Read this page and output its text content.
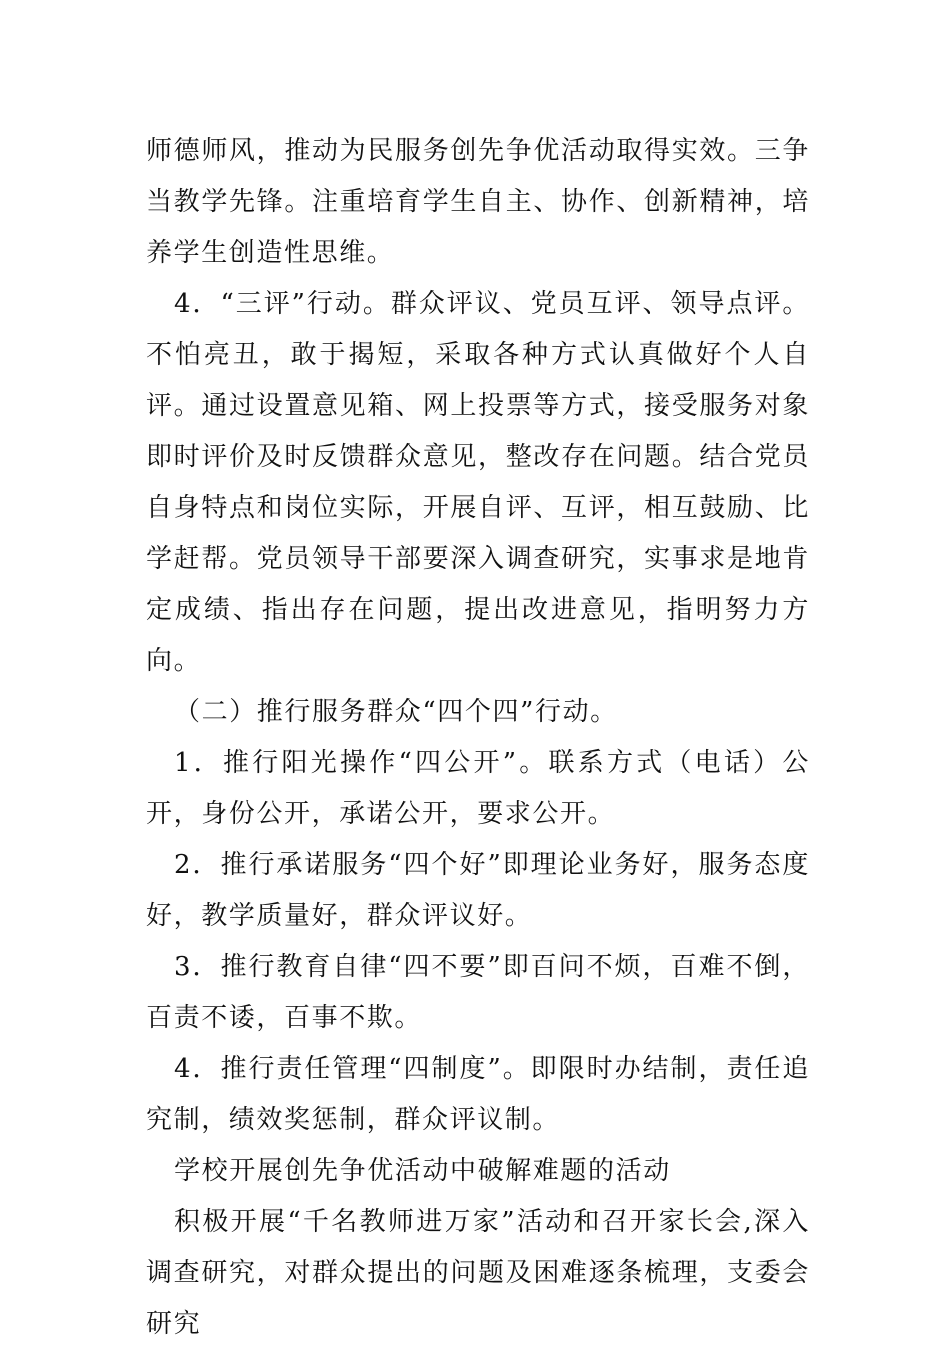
师德师风，推动为民服务创先争优活动取得实效。三争当教学先锋。注重培育学生自主、协作、创新精神，培养学生创造性思维。

4．“三评”行动。群众评议、党员互评、领导点评。不怕亮丑，敢于揭短，采取各种方式认真做好个人自评。通过设置意见箱、网上投票等方式，接受服务对象即时评价及时反馈群众意见，整改存在问题。结合党员自身特点和岗位实际，开展自评、互评，相互鼓励、比学赶帮。党员领导干部要深入调查研究，实事求是地肯定成绩、指出存在问题，提出改进意见，指明努力方向。

（二）推行服务群众“四个四”行动。

1．推行阳光操作“四公开”。联系方式（电话）公开，身份公开，承诺公开，要求公开。

2．推行承诺服务“四个好”即理论业务好，服务态度好，教学质量好，群众评议好。

3．推行教育自律“四不要”即百问不烦，百难不倒，百责不诿，百事不欺。

4．推行责任管理“四制度”。即限时办结制，责任追究制，绩效奖惩制，群众评议制。

学校开展创先争优活动中破解难题的活动

积极开展“千名教师进万家”活动和召开家长会,深入调查研究，对群众提出的问题及困难逐条梳理，支委会研究
